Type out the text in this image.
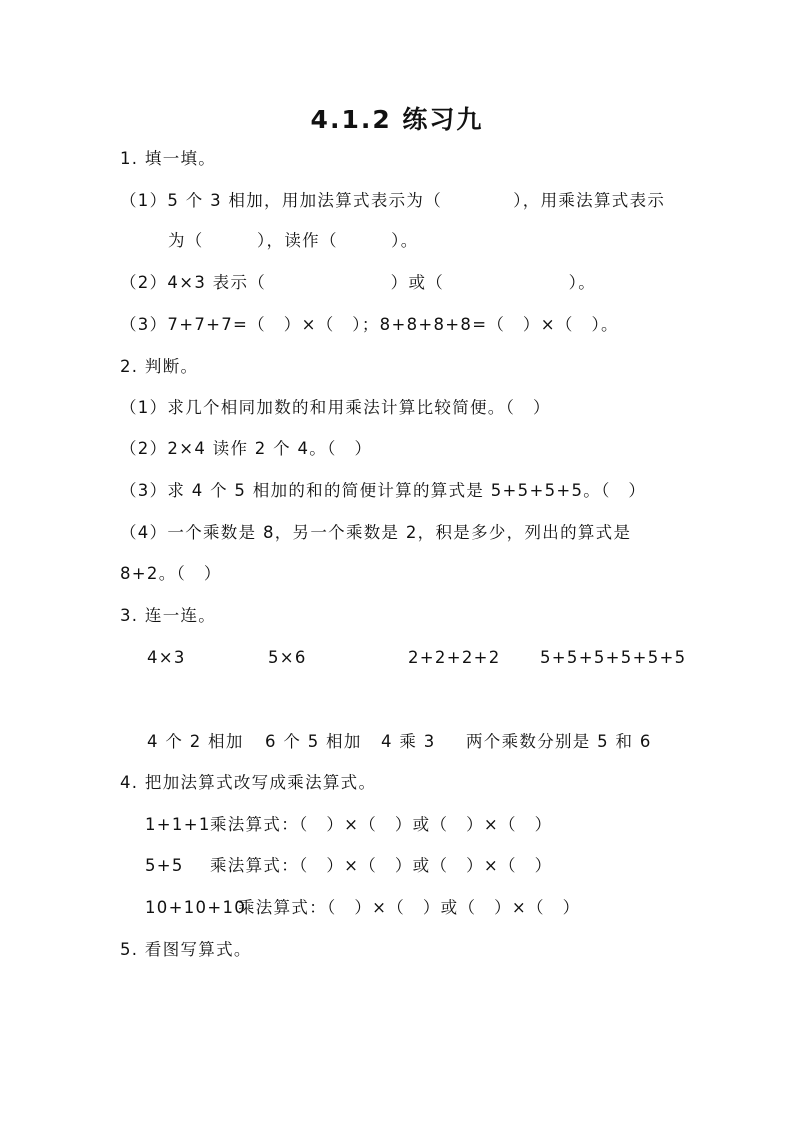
4.1.2 练习九
1. 填一填。
（1）5 个 3 相加，用加法算式表示为（　　　　），用乘法算式表示
为（　　　），读作（　　　）。
（2）4×3 表示（　　　　　　　）或（　　　　　　　）。
（3）7+7+7=（　）×（　）；8+8+8+8=（　）×（　）。
2. 判断。
（1）求几个相同加数的和用乘法计算比较简便。（　）
（2）2×4 读作 2 个 4。（　）
（3）求 4 个 5 相加的和的简便计算的算式是 5+5+5+5。（　）
（4）一个乘数是 8，另一个乘数是 2，积是多少，列出的算式是
8+2。（　）
3. 连一连。
4×3	5×6	2+2+2+2 5+5+5+5+5+5
4 个 2 相加 6 个 5 相加 4 乘 3 两个乘数分别是 5 和 6
4. 把加法算式改写成乘法算式。
1+1+1 乘法算式：（　）×（　）或（　）×（　）
5+5 乘法算式：（　）×（　）或（　）×（　）
10+10+10
乘法算式：（　）×（　）或（　）×（　）
5. 看图写算式。
